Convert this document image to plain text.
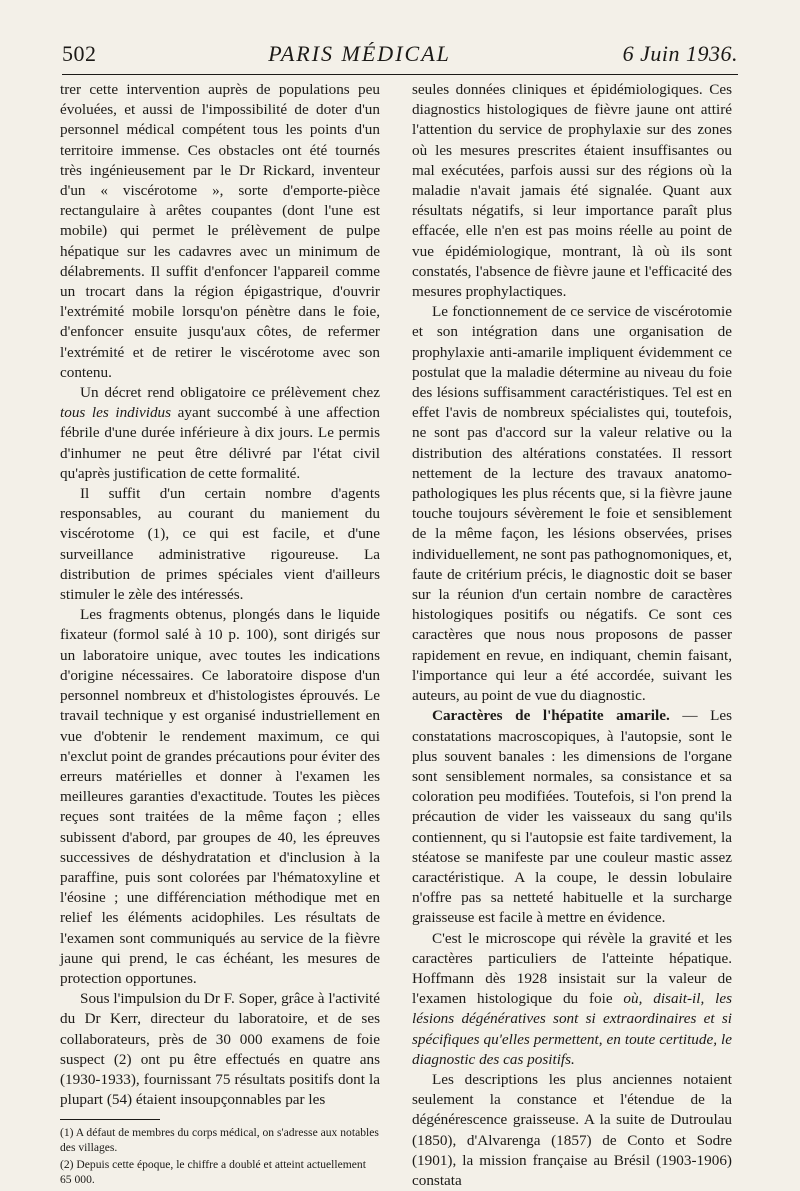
502	PARIS MÉDICAL	6 Juin 1936.

trer cette intervention auprès de populations peu évoluées, et aussi de l'impossibilité de doter d'un personnel médical compétent tous les points d'un territoire immense. Ces obstacles ont été tournés très ingénieusement par le Dr Rickard, inventeur d'un « viscérotome », sorte d'emporte-pièce rectangulaire à arêtes coupantes (dont l'une est mobile) qui permet le prélèvement de pulpe hépatique sur les cadavres avec un minimum de délabrements. Il suffit d'enfoncer l'appareil comme un trocart dans la région épigastrique, d'ouvrir l'extrémité mobile lorsqu'on pénètre dans le foie, d'enfoncer ensuite jusqu'aux côtes, de refermer l'extrémité et de retirer le viscérotome avec son contenu.

Un décret rend obligatoire ce prélèvement chez tous les individus ayant succombé à une affection fébrile d'une durée inférieure à dix jours. Le permis d'inhumer ne peut être délivré par l'état civil qu'après justification de cette formalité.

Il suffit d'un certain nombre d'agents responsables, au courant du maniement du viscérotome (1), ce qui est facile, et d'une surveillance administrative rigoureuse. La distribution de primes spéciales vient d'ailleurs stimuler le zèle des intéressés.

Les fragments obtenus, plongés dans le liquide fixateur (formol salé à 10 p. 100), sont dirigés sur un laboratoire unique, avec toutes les indications d'origine nécessaires. Ce laboratoire dispose d'un personnel nombreux et d'histologistes éprouvés. Le travail technique y est organisé industriellement en vue d'obtenir le rendement maximum, ce qui n'exclut point de grandes précautions pour éviter des erreurs matérielles et donner à l'examen les meilleures garanties d'exactitude. Toutes les pièces reçues sont traitées de la même façon ; elles subissent d'abord, par groupes de 40, les épreuves successives de déshydratation et d'inclusion à la paraffine, puis sont colorées par l'hématoxyline et l'éosine ; une différenciation méthodique met en relief les éléments acidophiles. Les résultats de l'examen sont communiqués au service de la fièvre jaune qui prend, le cas échéant, les mesures de protection opportunes.

Sous l'impulsion du Dr F. Soper, grâce à l'activité du Dr Kerr, directeur du laboratoire, et de ses collaborateurs, près de 30 000 examens de foie suspect (2) ont pu être effectués en quatre ans (1930-1933), fournissant 75 résultats positifs dont la plupart (54) étaient insoupçonnables par les

(1) A défaut de membres du corps médical, on s'adresse aux notables des villages.

(2) Depuis cette époque, le chiffre a doublé et atteint actuellement 65 000.

seules données cliniques et épidémiologiques. Ces diagnostics histologiques de fièvre jaune ont attiré l'attention du service de prophylaxie sur des zones où les mesures prescrites étaient insuffisantes ou mal exécutées, parfois aussi sur des régions où la maladie n'avait jamais été signalée. Quant aux résultats négatifs, si leur importance paraît plus effacée, elle n'en est pas moins réelle au point de vue épidémiologique, montrant, là où ils sont constatés, l'absence de fièvre jaune et l'efficacité des mesures prophylactiques.

Le fonctionnement de ce service de viscérotomie et son intégration dans une organisation de prophylaxie anti-amarile impliquent évidemment ce postulat que la maladie détermine au niveau du foie des lésions suffisamment caractéristiques. Tel est en effet l'avis de nombreux spécialistes qui, toutefois, ne sont pas d'accord sur la valeur relative ou la distribution des altérations constatées. Il ressort nettement de la lecture des travaux anatomo-pathologiques les plus récents que, si la fièvre jaune touche toujours sévèrement le foie et sensiblement de la même façon, les lésions observées, prises individuellement, ne sont pas pathognomoniques, et, faute de critérium précis, le diagnostic doit se baser sur la réunion d'un certain nombre de caractères histologiques positifs ou négatifs. Ce sont ces caractères que nous nous proposons de passer rapidement en revue, en indiquant, chemin faisant, l'importance qui leur a été accordée, suivant les auteurs, au point de vue du diagnostic.

Caractères de l'hépatite amarile. — Les constatations macroscopiques, à l'autopsie, sont le plus souvent banales : les dimensions de l'organe sont sensiblement normales, sa consistance et sa coloration peu modifiées. Toutefois, si l'on prend la précaution de vider les vaisseaux du sang qu'ils contiennent, qu si l'autopsie est faite tardivement, la stéatose se manifeste par une couleur mastic assez caractéristique. A la coupe, le dessin lobulaire n'offre pas sa netteté habituelle et la surcharge graisseuse est facile à mettre en évidence.

C'est le microscope qui révèle la gravité et les caractères particuliers de l'atteinte hépatique. Hoffmann dès 1928 insistait sur la valeur de l'examen histologique du foie où, disait-il, les lésions dégénératives sont si extraordinaires et si spécifiques qu'elles permettent, en toute certitude, le diagnostic des cas positifs.

Les descriptions les plus anciennes notaient seulement la constance et l'étendue de la dégénérescence graisseuse. A la suite de Dutroulau (1850), d'Alvarenga (1857) de Conto et Sodre (1901), la mission française au Brésil (1903-1906) constata
